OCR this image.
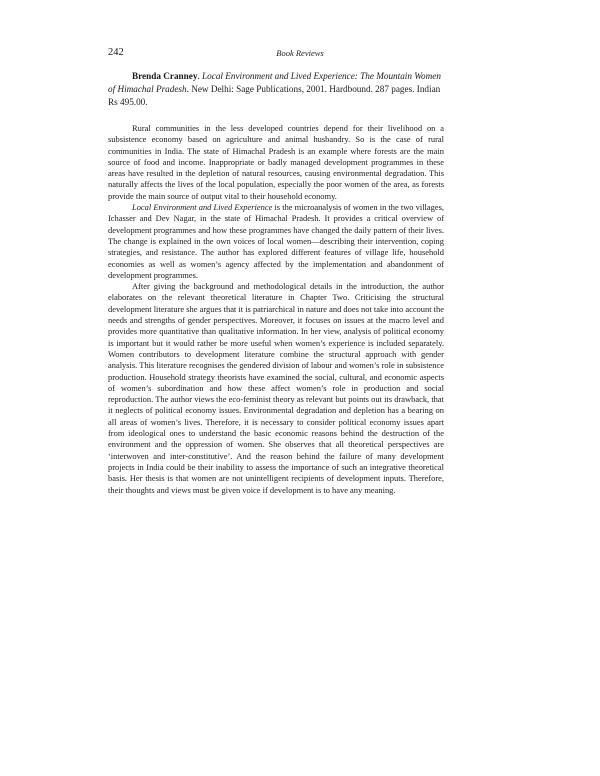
242	Book Reviews
Brenda Cranney. Local Environment and Lived Experience: The Mountain Women of Himachal Pradesh. New Delhi: Sage Publications, 2001. Hardbound. 287 pages. Indian Rs 495.00.

Rural communities in the less developed countries depend for their livelihood on a subsistence economy based on agriculture and animal husbandry. So is the case of rural communities in India. The state of Himachal Pradesh is an example where forests are the main source of food and income. Inappropriate or badly managed development programmes in these areas have resulted in the depletion of natural resources, causing environmental degradation. This naturally affects the lives of the local population, especially the poor women of the area, as forests provide the main source of output vital to their household economy.

Local Environment and Lived Experience is the microanalysis of women in the two villages, Ichasser and Dev Nagar, in the state of Himachal Pradesh. It provides a critical overview of development programmes and how these programmes have changed the daily pattern of their lives. The change is explained in the own voices of local women—describing their intervention, coping strategies, and resistance. The author has explored different features of village life, household economies as well as women’s agency affected by the implementation and abandonment of development programmes.

After giving the background and methodological details in the introduction, the author elaborates on the relevant theoretical literature in Chapter Two. Criticising the structural development literature she argues that it is patriarchical in nature and does not take into account the needs and strengths of gender perspectives. Moreover, it focuses on issues at the macro level and provides more quantitative than qualitative information. In her view, analysis of political economy is important but it would rather be more useful when women’s experience is included separately. Women contributors to development literature combine the structural approach with gender analysis. This literature recognises the gendered division of labour and women’s role in subsistence production. Household strategy theorists have examined the social, cultural, and economic aspects of women’s subordination and how these affect women’s role in production and social reproduction. The author views the eco-feminist theory as relevant but points out its drawback, that it neglects of political economy issues. Environmental degradation and depletion has a bearing on all areas of women’s lives. Therefore, it is necessary to consider political economy issues apart from ideological ones to understand the basic economic reasons behind the destruction of the environment and the oppression of women. She observes that all theoretical perspectives are ‘interwoven and inter-constitutive’. And the reason behind the failure of many development projects in India could be their inability to assess the importance of such an integrative theoretical basis. Her thesis is that women are not unintelligent recipients of development inputs. Therefore, their thoughts and views must be given voice if development is to have any meaning.
